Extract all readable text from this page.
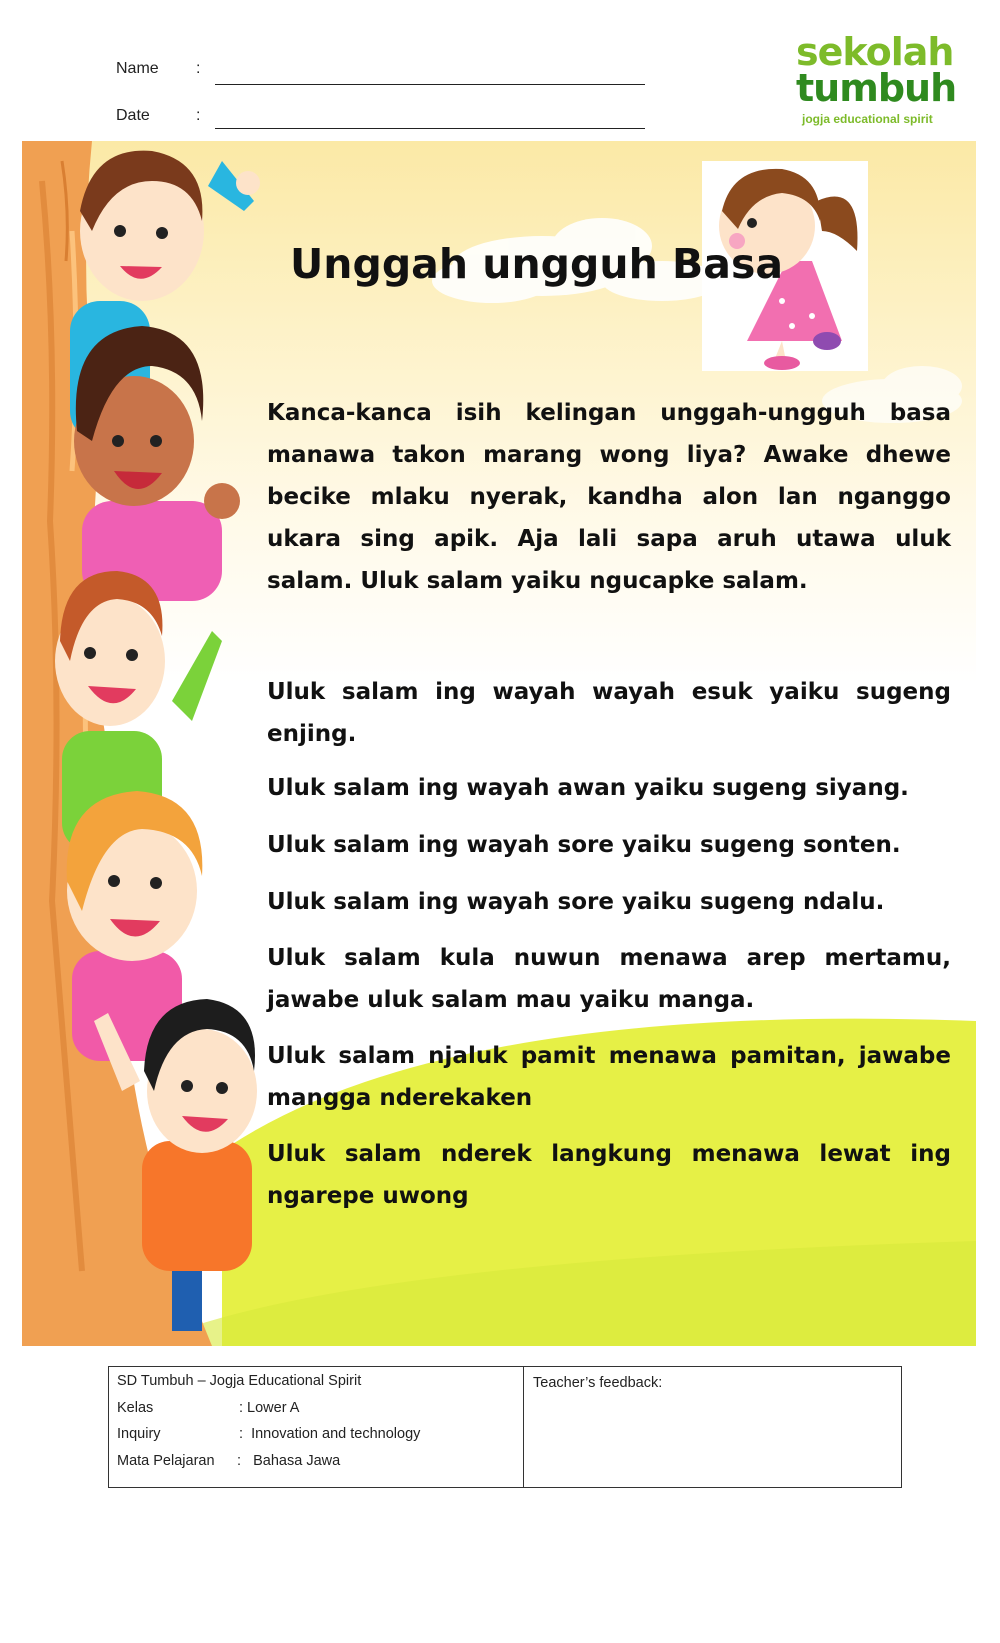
Name :
Date	:
sekolah
tumbuh
jogja educational spirit
Unggah ungguh Basa
Kanca-kanca isih kelingan unggah-ungguh basa manawa takon marang wong liya? Awake dhewe becike mlaku nyerak, kandha alon lan nganggo ukara sing apik. Aja lali sapa aruh utawa uluk salam. Uluk salam yaiku ngucapke salam.
Uluk salam ing wayah wayah esuk yaiku sugeng enjing.
Uluk salam ing wayah awan yaiku sugeng siyang.
Uluk salam ing wayah sore yaiku sugeng sonten.
Uluk salam ing wayah sore yaiku sugeng ndalu.
Uluk salam kula nuwun menawa arep mertamu, jawabe uluk salam mau yaiku manga.
Uluk salam njaluk pamit menawa pamitan, jawabe mangga nderekaken
Uluk salam nderek langkung menawa lewat ing ngarepe uwong
SD Tumbuh – Jogja Educational Spirit
Kelas	: Lower A
Inquiry	:  Innovation and technology
Mata Pelajaran :   Bahasa Jawa
Teacher’s feedback:
